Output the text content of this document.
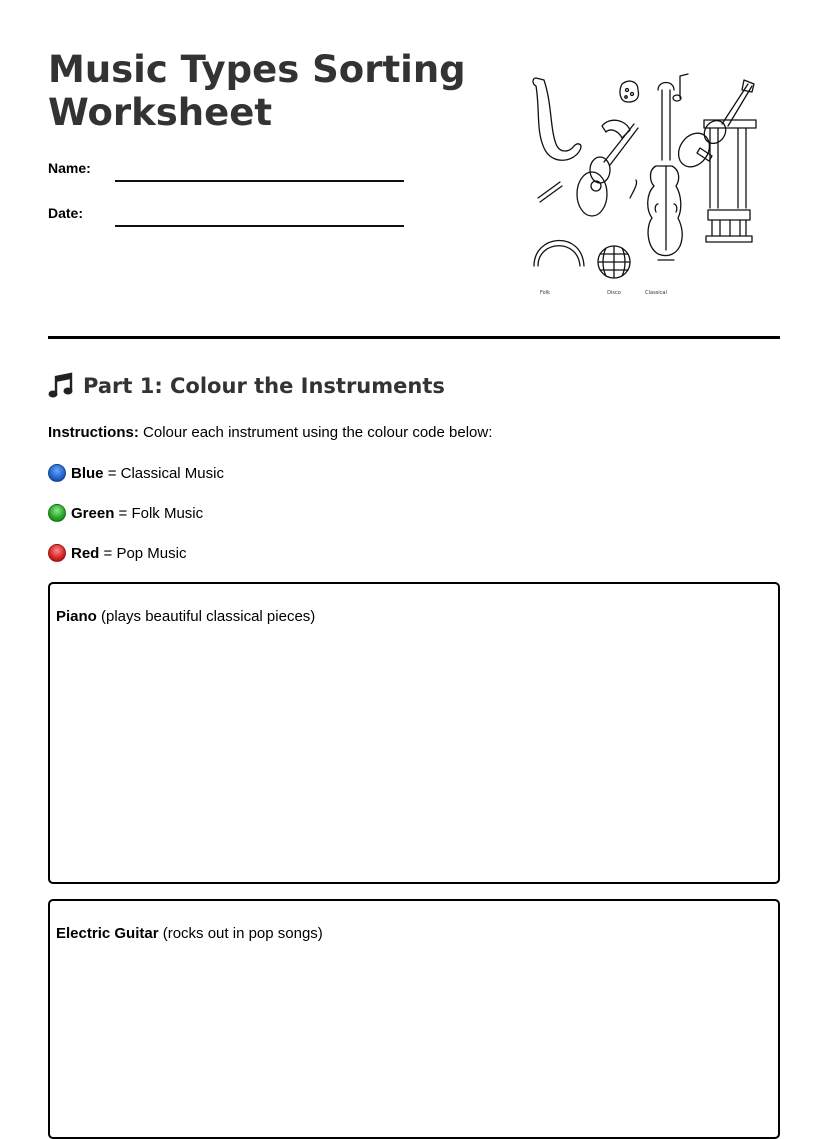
Music Types Sorting
Worksheet
Name:
Date:
Folk	Disco	Classical
Part 1: Colour the Instruments
Instructions: Colour each instrument using the colour code below:
Blue
= Classical Music
Green
= Folk Music
Red
= Pop Music
Piano (plays beautiful classical pieces)
Electric Guitar (rocks out in pop songs)
